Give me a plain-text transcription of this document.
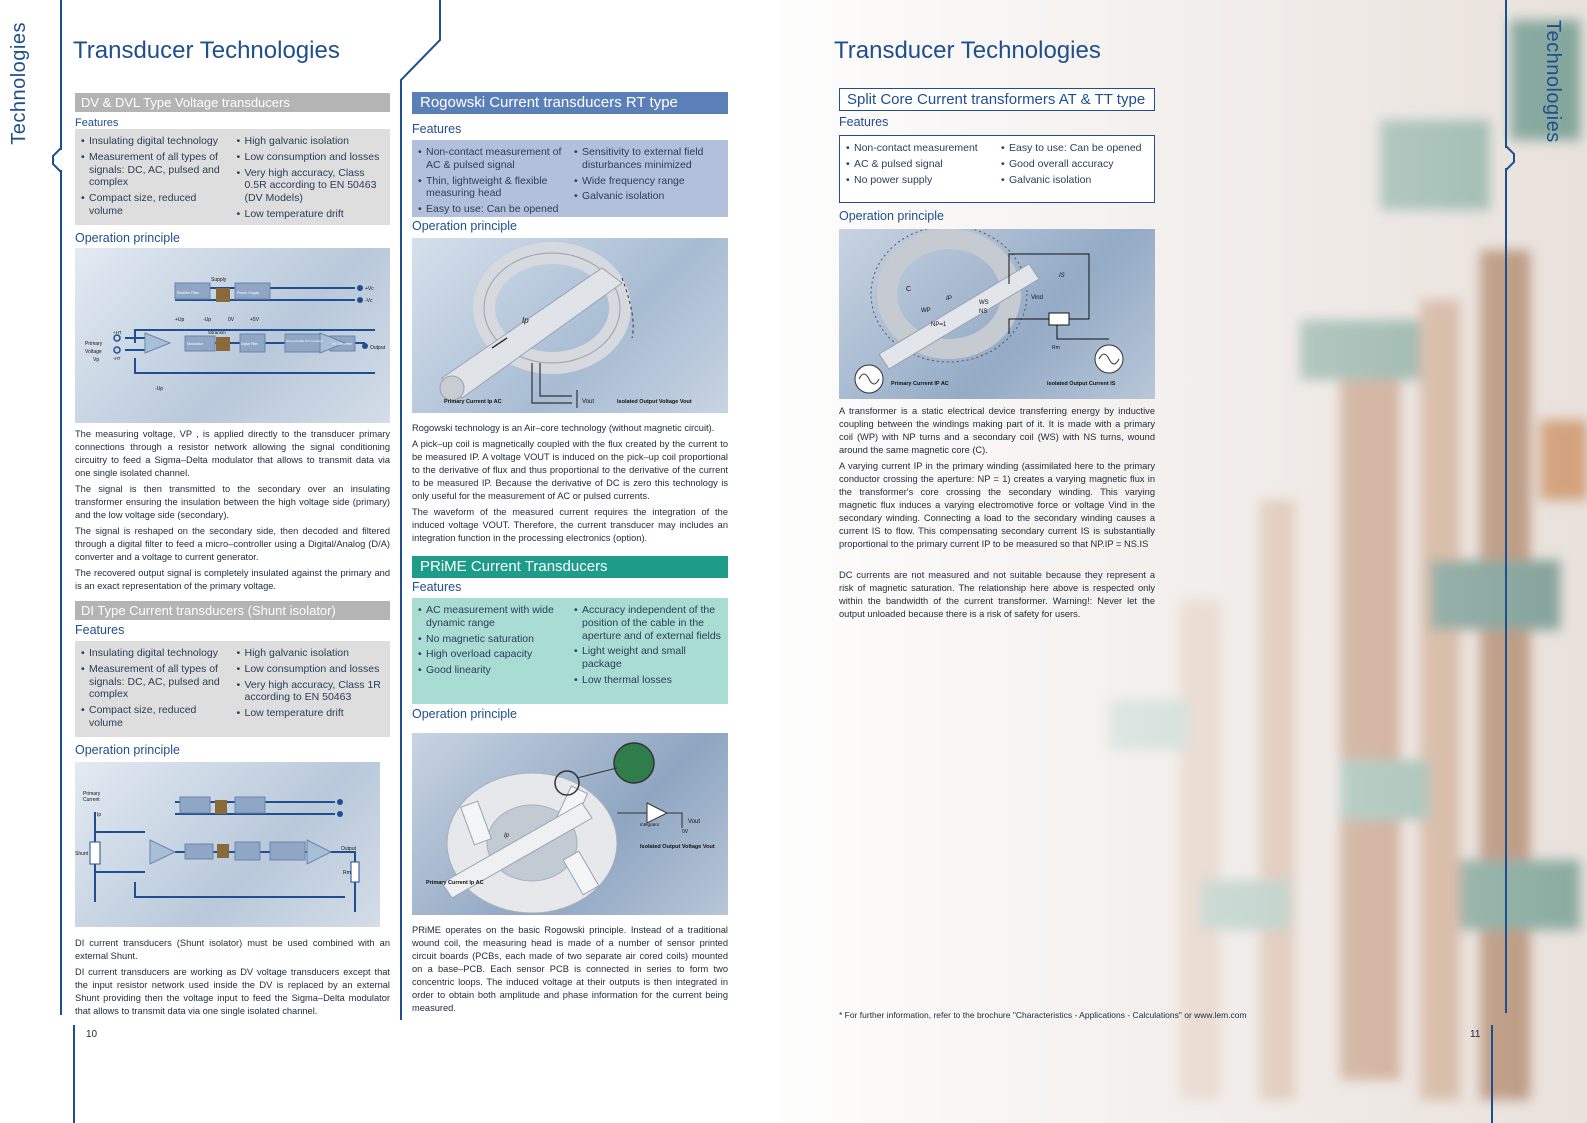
Technologies	Technologies
Transducer Technologies	Transducer Technologies
DV & DVL Type Voltage transducers
Features
• Insulating digital technology
• Measurement of all types of signals: DC, AC, pulsed and complex
• Compact size, reduced volume
• High galvanic isolation
• Low consumption and losses
• Very high accuracy, Class 0.5R according to EN 50463 (DV Models)
• Low temperature drift
Operation principle
Supply
Rectifier Filter	Power Supply
+Up	-Up	0V	+5V
+Vc
-Vc
Primary
Voltage
Vp
+HT
-HT
Sitransm
Modulator	Digital Filter
Microcontroller D/A Converter
V/I Converter
Output
-Up

The measuring voltage, VP , is applied directly to the transducer primary connections through a resistor network allowing the signal conditioning circuitry to feed a Sigma–Delta modulator that allows to transmit data via one single isolated channel.

The signal is then transmitted to the secondary over an insulating transformer ensuring the insulation between the high voltage side (primary) and the low voltage side (secondary).

The signal is reshaped on the secondary side, then decoded and filtered through a digital filter to feed a micro–controller using a Digital/Analog (D/A) converter and a voltage to current generator.

The recovered output signal is completely insulated against the primary and is an exact representation of the primary voltage.

DI Type Current transducers (Shunt isolator)
Features
• Insulating digital technology
• Measurement of all types of signals: DC, AC, pulsed and complex
• Compact size, reduced volume
• High galvanic isolation
• Low consumption and losses
• Very high accuracy, Class 1R according to EN 50463
• Low temperature drift
Operation principle
Primary
Current
Ip
Shunt
Output
Rm

DI current transducers (Shunt isolator) must be used combined with an external Shunt.

DI current transducers are working as DV voltage transducers except that the input resistor network used inside the DV is replaced by an external Shunt providing then the voltage input to feed the Sigma–Delta modulator that allows to transmit data via one single isolated channel.

10
Rogowski Current transducers RT type
Features
• Non-contact measurement of AC & pulsed signal
• Thin, lightweight & flexible measuring head
• Easy to use: Can be opened
• Sensitivity to external field disturbances minimized
• Wide frequency range
• Galvanic isolation
Operation principle
Ip
Primary Current Ip AC	Vout	Isolated Output Voltage Vout

Rogowski technology is an Air–core technology (without magnetic circuit).

A pick–up coil is magnetically coupled with the flux created by the current to be measured IP. A voltage VOUT is induced on the pick–up coil proportional to the derivative of flux and thus proportional to the derivative of the current to be measured IP. Because the derivative of DC is zero this technology is only useful for the measurement of AC or pulsed currents.

The waveform of the measured current requires the integration of the induced voltage VOUT. Therefore, the current transducer may includes an integration function in the processing electronics (option).

PRiME Current Transducers
Features
• AC measurement with wide dynamic range
• No magnetic saturation
• High overload capacity
• Good linearity
• Accuracy independent of the position of the cable in the aperture and of external fields
• Light weight and small package
• Low thermal losses
Operation principle
Integrator	Vout
0V
Isolated Output Voltage Vout
Primary Current Ip AC
Ip

PRiME operates on the basic Rogowski principle. Instead of a traditional wound coil, the measuring head is made of a number of sensor printed circuit boards (PCBs, each made of two separate air cored coils) mounted on a base–PCB. Each sensor PCB is connected in series to form two concentric loops. The induced voltage at their outputs is then integrated in order to obtain both amplitude and phase information for the current being measured.

Split Core Current transformers AT & TT type
Features
• Non-contact measurement
• AC & pulsed signal
• No power supply
• Easy to use: Can be opened
• Good overall accuracy
• Galvanic isolation
Operation principle
C
IS
Vind
WS
NS
IP
WP
NP=1
Rm
Primary Current IP AC	Isolated Output Current IS

A transformer is a static electrical device transferring energy by inductive coupling between the windings making part of it. It is made with a primary coil (WP) with NP turns and a secondary coil (WS) with NS turns, wound around the same magnetic core (C).

A varying current IP in the primary winding (assimilated here to the primary conductor crossing the aperture: NP = 1) creates a varying magnetic flux in the transformer's core crossing the secondary winding. This varying magnetic flux induces a varying electromotive force or voltage Vind in the secondary winding. Connecting a load to the secondary winding causes a current IS to flow. This compensating secondary current IS is substantially proportional to the primary current IP to be measured so that NP.IP = NS.IS

DC currents are not measured and not suitable because they represent a risk of magnetic saturation. The relationship here above is respected only within the bandwidth of the current transformer. Warning!: Never let the output unloaded because there is a risk of safety for users.

* For further information, refer to the brochure "Characteristics - Applications - Calculations" or www.lem.com
11
